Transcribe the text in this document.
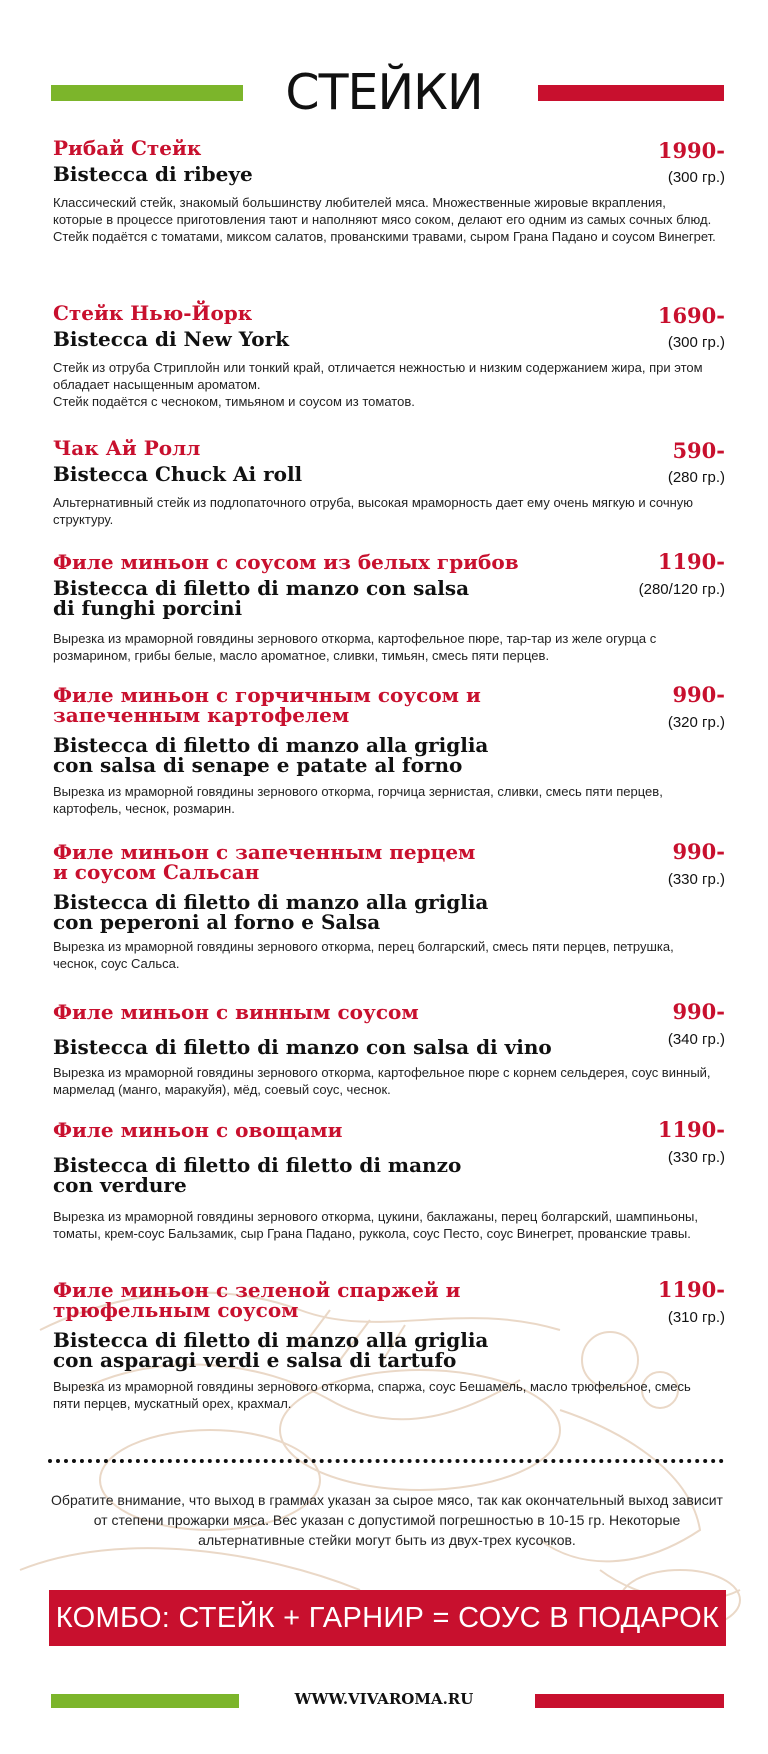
СТЕЙКИ
Рибай Стейк
Bistecca di ribeye
1990-
(300 гр.)
Классический стейк, знакомый большинству любителей мяса. Множественные жировые вкрапления, которые в процессе приготовления тают и наполняют мясо соком, делают его одним из самых сочных блюд.
Стейк подаётся с томатами, миксом салатов, прованскими травами, сыром Грана Падано и соусом Винегрет.
Стейк Нью-Йорк
Bistecca di New York
1690-
(300 гр.)
Стейк из отруба Стриплойн или тонкий край, отличается нежностью и низким содержанием жира, при этом обладает насыщенным ароматом.
Стейк подаётся с чесноком, тимьяном и соусом из томатов.
Чак Ай Ролл
Bistecca Chuck Ai roll
590-
(280 гр.)
Альтернативный стейк из подлопаточного отруба, высокая мраморность дает ему очень мягкую и сочную структуру.
Филе миньон с соусом из белых грибов
Bistecca di filetto di manzo con salsa di funghi porcini
1190-
(280/120 гр.)
Вырезка из мраморной говядины зернового откорма, картофельное пюре, тар-тар из желе огурца с розмарином, грибы белые, масло ароматное, сливки, тимьян, смесь пяти перцев.
Филе миньон с горчичным соусом и запеченным картофелем
Bistecca di filetto di manzo alla griglia con salsa di senape e patate al forno
990-
(320 гр.)
Вырезка из мраморной говядины зернового откорма, горчица зернистая, сливки, смесь пяти перцев, картофель, чеснок, розмарин.
Филе миньон с запеченным перцем и соусом Сальсан
Bistecca di filetto di manzo alla griglia con peperoni al forno e Salsa
990-
(330 гр.)
Вырезка из мраморной говядины зернового откорма, перец болгарский, смесь пяти перцев, петрушка, чеснок, соус Сальса.
Филе миньон с винным соусом
Bistecca di filetto di manzo con salsa di vino
990-
(340 гр.)
Вырезка из мраморной говядины зернового откорма, картофельное пюре с корнем сельдерея, соус винный, мармелад (манго, маракуйя), мёд, соевый соус, чеснок.
Филе миньон с овощами
Bistecca di filetto di filetto di manzo con verdure
1190-
(330 гр.)
Вырезка из мраморной говядины зернового откорма, цукини, баклажаны, перец болгарский, шампиньоны, томаты, крем-соус Бальзамик, сыр Грана Падано, руккола, соус Песто, соус Винегрет, прованские травы.
Филе миньон с зеленой спаржей и трюфельным соусом
Bistecca di filetto di manzo alla griglia con asparagi verdi e salsa di tartufo
1190-
(310 гр.)
Вырезка из мраморной говядины зернового откорма, спаржа, соус Бешамель, масло трюфельное, смесь пяти перцев, мускатный орех, крахмал.
Обратите внимание, что выход в граммах указан за сырое мясо, так как окончательный выход зависит от степени прожарки мяса. Вес указан с допустимой погрешностью в 10-15 гр. Некоторые альтернативные стейки могут быть из двух-трех кусочков.
КОМБО: СТЕЙК + ГАРНИР = СОУС В ПОДАРОК
WWW.VIVAROMA.RU
